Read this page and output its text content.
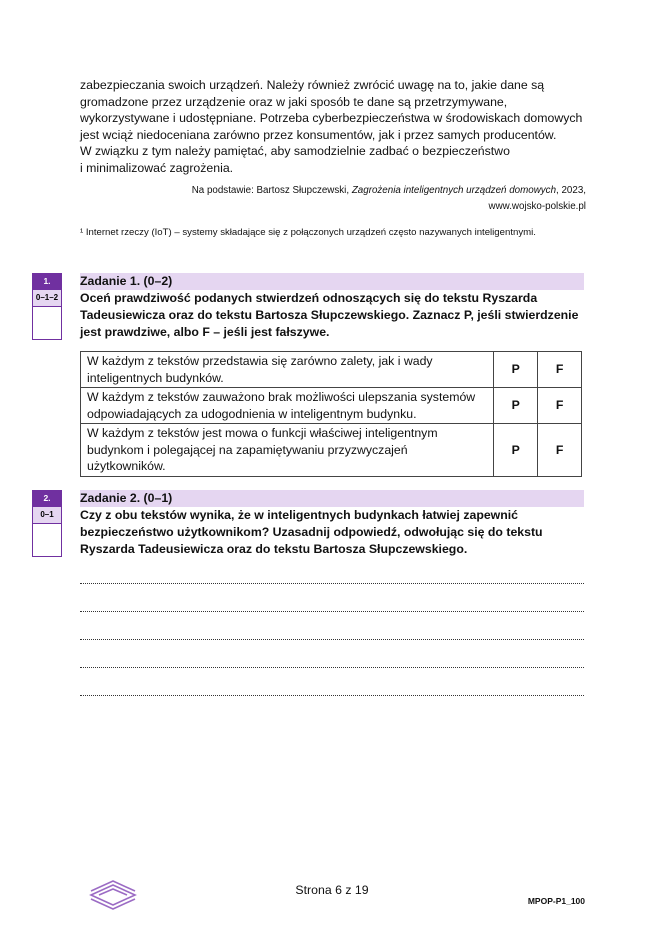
zabezpieczania swoich urządzeń. Należy również zwrócić uwagę na to, jakie dane są

gromadzone przez urządzenie oraz w jaki sposób te dane są przetrzymywane,

wykorzystywane i udostępniane. Potrzeba cyberbezpieczeństwa w środowiskach domowych

jest wciąż niedoceniana zarówno przez konsumentów, jak i przez samych producentów.

W związku z tym należy pamiętać, aby samodzielnie zadbać o bezpieczeństwo

i minimalizować zagrożenia.

Na podstawie: Bartosz Słupczewski, Zagrożenia inteligentnych urządzeń domowych, 2023,
www.wojsko-polskie.pl
¹ Internet rzeczy (IoT) – systemy składające się z połączonych urządzeń często nazywanych inteligentnymi.
1.
0–1–2
Zadanie 1. (0–2)
Oceń prawdziwość podanych stwierdzeń odnoszących się do tekstu Ryszarda Tadeusiewicza oraz do tekstu Bartosza Słupczewskiego. Zaznacz P, jeśli stwierdzenie jest prawdziwe, albo F – jeśli jest fałszywe.
W każdym z tekstów przedstawia się zarówno zalety, jak i wady inteligentnych budynków.	P	F
W każdym z tekstów zauważono brak możliwości ulepszania systemów odpowiadających za udogodnienia w inteligentnym budynku.	P	F
W każdym z tekstów jest mowa o funkcji właściwej inteligentnym budynkom i polegającej na zapamiętywaniu przyzwyczajeń użytkowników.	P	F
2.
0–1
Zadanie 2. (0–1)
Czy z obu tekstów wynika, że w inteligentnych budynkach łatwiej zapewnić bezpieczeństwo użytkownikom? Uzasadnij odpowiedź, odwołując się do tekstu Ryszarda Tadeusiewicza oraz do tekstu Bartosza Słupczewskiego.
Strona 6 z 19
MPOP-P1_100
